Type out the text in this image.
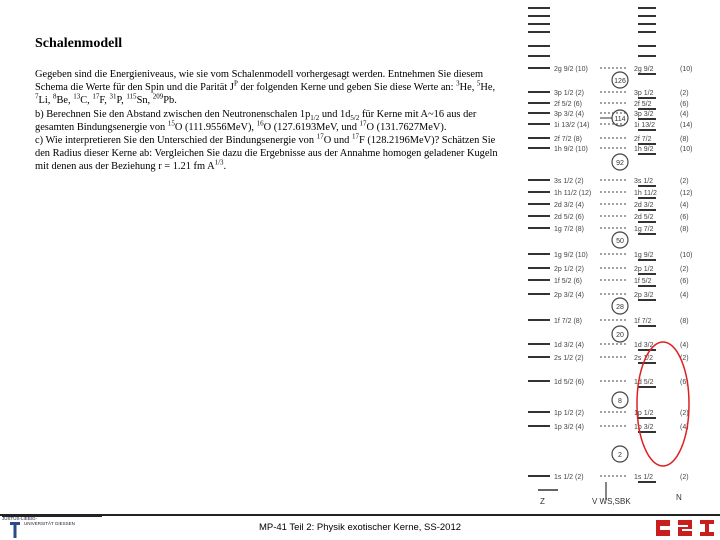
Schalenmodell

Gegeben sind die Energieniveaus, wie sie vom Schalenmodell vorhergesagt werden. Entnehmen Sie diesem Schema die Werte für den Spin und die Parität $J^P$ der folgenden Kerne und geben Sie diese Werte an: $^3$He, $^5$He, $^7$Li, $^8$Be, $^{13}$C, $^{17}$F, $^{31}$P, $^{115}$Sn, $^{209}$Pb.

b) Berechnen Sie den Abstand zwischen den Neutronenschalen $1p_{1/2}$ und $1d_{5/2}$ für Kerne mit A~16 aus der gesamten Bindungsenergie von $^{15}$O (111.9556MeV), $^{16}$O (127.6193MeV, und $^{17}$O (131.7627MeV).

c) Wie interpretieren Sie den Unterschied der Bindungsenergie von $^{17}$O und $^{17}$F (128.2196MeV)? Schätzen Sie den Radius dieser Kerne ab: Vergleichen Sie dazu die Ergebnisse aus der Annahme homogen geladener Kugeln mit denen aus der Beziehung r = 1.21 fm $A^{1/3}$.

2g 9/2 (10)	2g 9/2	(10)
3p 1/2 (2)	3p 1/2	(2)
2f 5/2 (6)	2f 5/2	(6)
3p 3/2 (4)	3p 3/2	(4)
1i 13/2 (14)	1i 13/2	(14)
2f 7/2 (8)	2f 7/2	(8)
1h 9/2 (10)	1h 9/2	(10)
3s 1/2 (2)	3s 1/2	(2)
1h 11/2 (12)	1h 11/2	(12)
2d 3/2 (4)	2d 3/2	(4)
2d 5/2 (6)	2d 5/2	(6)
1g 7/2 (8)	1g 7/2	(8)
1g 9/2 (10)	1g 9/2	(10)
2p 1/2 (2)	2p 1/2	(2)
1f 5/2 (6)	1f 5/2	(6)
2p 3/2 (4)	2p 3/2	(4)
1f 7/2 (8)	1f 7/2	(8)
1d 3/2 (4)	1d 3/2	(4)
2s 1/2 (2)	2s 1/2	(2)
1d 5/2 (6)	1d 5/2	(6)
1p 1/2 (2)	1p 1/2	(2)
1p 3/2 (4)	1p 3/2	(4)
1s 1/2 (2)	1s 1/2	(2)
126
114
92
50
28
20
8
2
Z	V WS,SBK	N
JUSTUS-LIEBIG-
UNIVERSITÄT GIESSEN	MP-41 Teil 2: Physik exotischer Kerne, SS-2012
GSI
